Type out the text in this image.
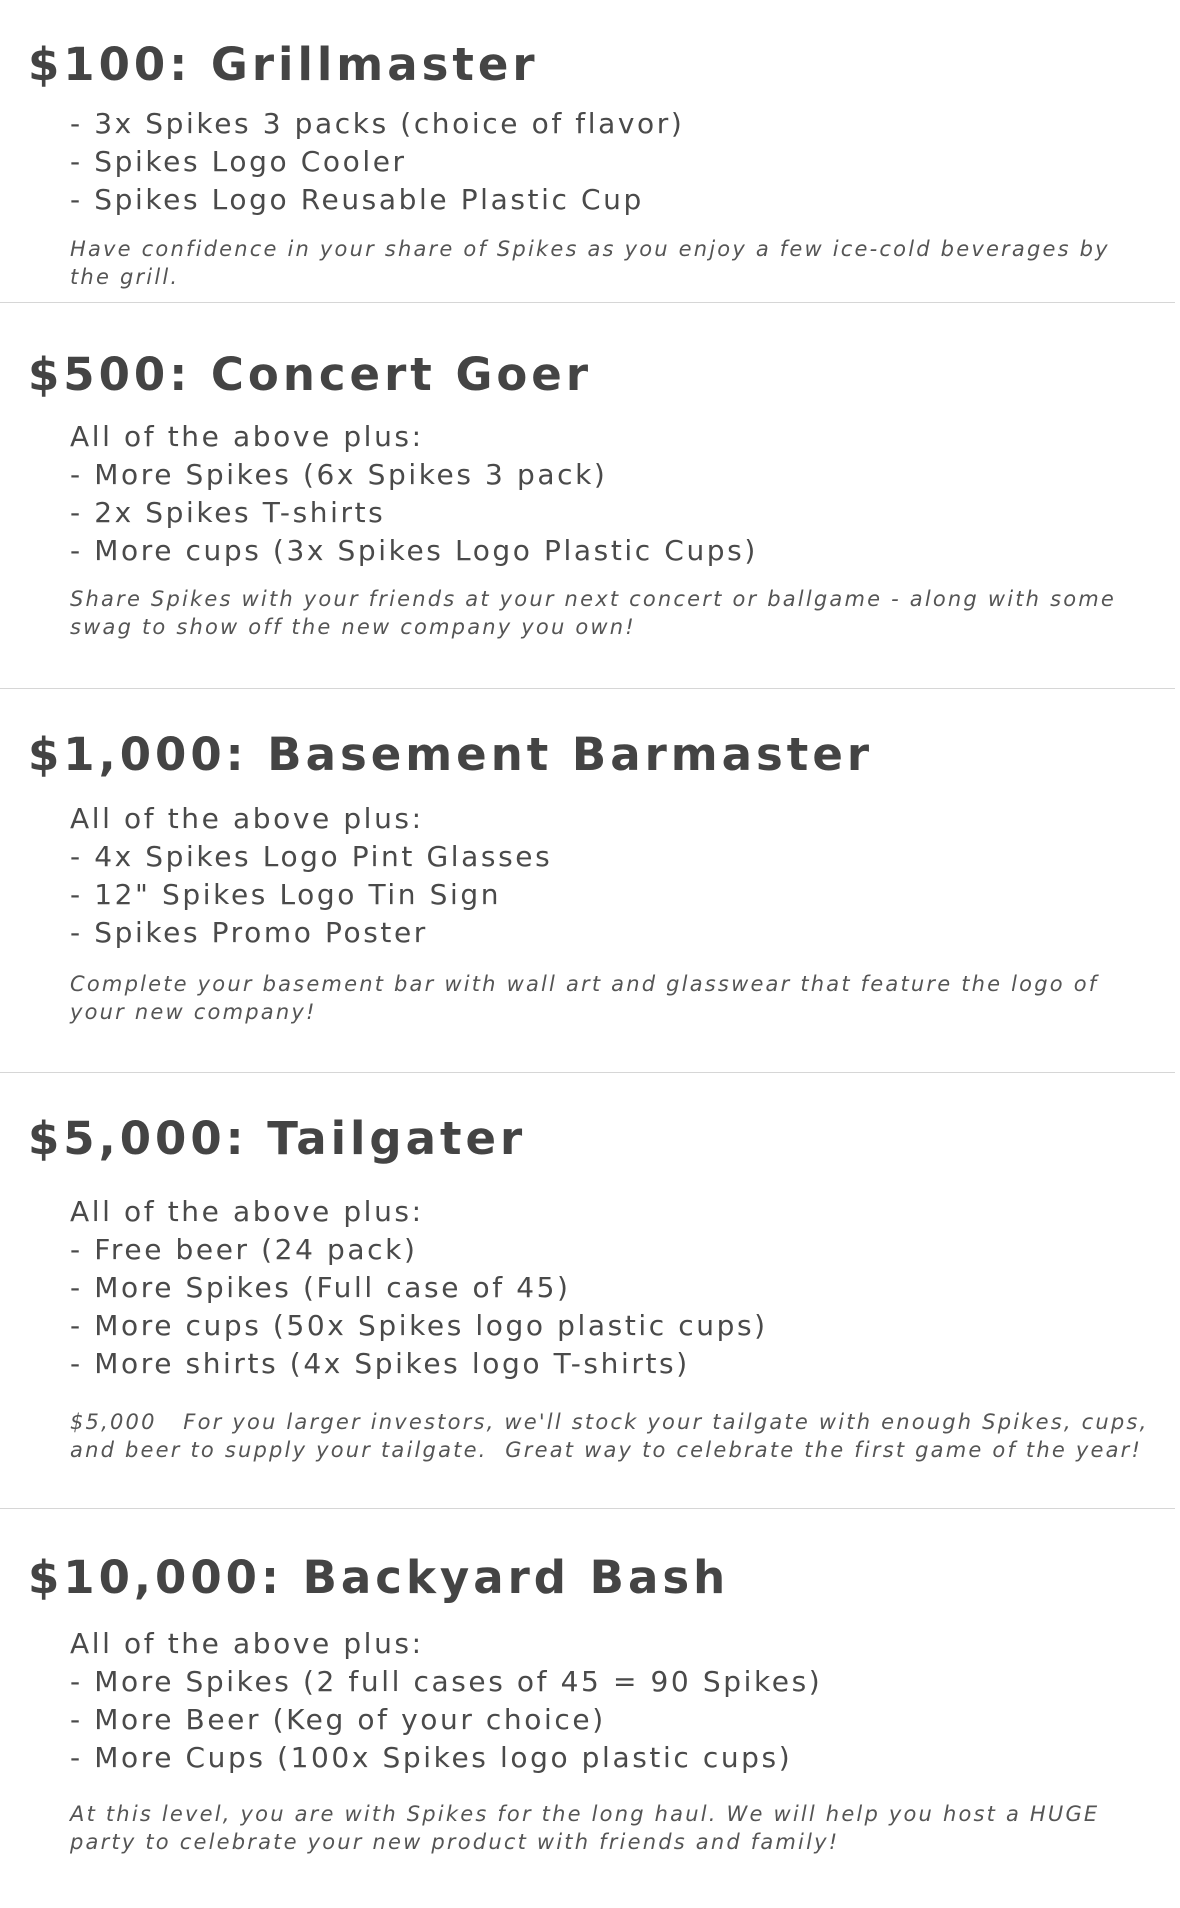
$100: Grillmaster
- 3x Spikes 3 packs (choice of flavor)
- Spikes Logo Cooler
- Spikes Logo Reusable Plastic Cup

Have confidence in your share of Spikes as you enjoy a few ice-cold beverages by the grill.

$500: Concert Goer
All of the above plus:
- More Spikes (6x Spikes 3 pack)
- 2x Spikes T-shirts
- More cups (3x Spikes Logo Plastic Cups)

Share Spikes with your friends at your next concert or ballgame - along with some swag to show off the new company you own!

$1,000: Basement Barmaster
All of the above plus:
- 4x Spikes Logo Pint Glasses
- 12" Spikes Logo Tin Sign
- Spikes Promo Poster

Complete your basement bar with wall art and glasswear that feature the logo of your new company!

$5,000: Tailgater
All of the above plus:
- Free beer (24 pack)
- More Spikes (Full case of 45)
- More cups (50x Spikes logo plastic cups)
- More shirts (4x Spikes logo T-shirts)

$5,000   For you larger investors, we'll stock your tailgate with enough Spikes, cups, and beer to supply your tailgate.  Great way to celebrate the first game of the year!

$10,000: Backyard Bash
All of the above plus:
- More Spikes (2 full cases of 45 = 90 Spikes)
- More Beer (Keg of your choice)
- More Cups (100x Spikes logo plastic cups)

At this level, you are with Spikes for the long haul. We will help you host a HUGE party to celebrate your new product with friends and family!
